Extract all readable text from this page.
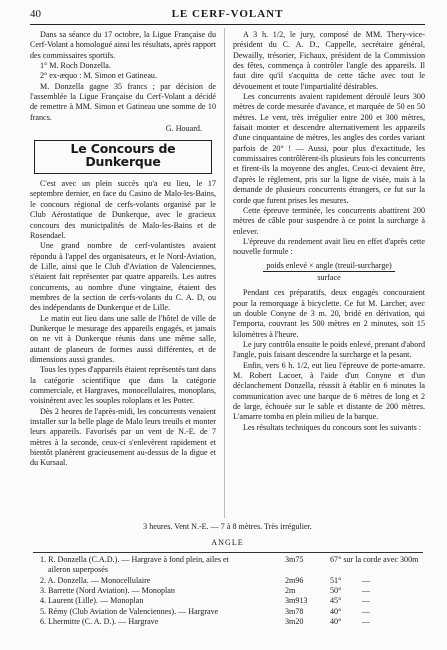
40	LE CERF-VOLANT

Dans sa séance du 17 octobre, la Ligue Française du Cerf-Volant a homologué ainsi les résultats, après rapport des commissaires sportifs.

1° M. Roch Donzella.

2° ex-æquo : M. Simon et Gatineau.

M. Donzella gagne 35 francs ; par décision de l'assemblée la Ligue Française du Cerf-Volant a décidé de remettre à MM. Simon et Gatineau une somme de 10 francs.

G. Houard.
Le Concours de Dunkerque

C'est avec un plein succès qu'a eu lieu, le 17 septembre dernier, en face du Casino de Malo-les-Bains, le concours régional de cerfs-volants organisé par le Club Aérostatique de Dunkerque, avec le gracieux concours des municipalités de Malo-les-Bains et de Rosendael.

Une grand nombre de cerf-volantistes avaient répondu à l'appel des organisateurs, et le Nord-Aviation, de Lille, ainsi que le Club d'Aviation de Valenciennes, s'étaient fait représenter par quatre appareils. Les autres concurrents, au nombre d'une vingtaine, étaient des membres de la section de cerfs-volants du C. A. D, ou des indépendants de Dunkerque et de Lille.

Le matin eut lieu dans une salle de l'hôtel de ville de Dunkerque le mesurage des appareils engagés, et jamais on ne vit à Dunkerque réunis dans une même salle, autant de planeurs de formes aussi différentes, et de dimensions aussi grandes.

Tous les types d'appareils étaient représentés tant dans la catégorie scientifique que dans la catégorie commerciale, et Hargraves, monocellulaires, monoplans, voisinèrent avec les souples roloplans et les Potter.

Dès 2 heures de l'après-midi, les concurrents venaient installer sur la belle plage de Malo leurs treuils et monter leurs appareils. Favorisés par un vent de N.-E. de 7 mètres à la seconde, ceux-ci s'enlevèrent rapidement et bientôt planèrent gracieusement au-dessus de la digue et du Kursaal.

A 3 h. 1/2, le jury, composé de MM. Thery-vice-président du C. A. D., Cappelle, secrétaire général, Dewailly, trésorier, Fichaux, président de la Commission des fêtes, commença à contrôler l'angle des appareils. Il faut dire qu'il s'acquitta de cette tâche avec tout le dévouement et toute l'impartialité désirables.

Les concurrents avaient rapidement déroulé leurs 300 mètres de corde mesurée d'avance, et marquée de 50 en 50 mètres. Le vent, très irrégulier entre 200 et 300 mètres, faisait monter et descendre alternativement les appareils d'une cinquantaine de mètres, les angles des cordes variant parfois de 20° ! — Aussi, pour plus d'exactitude, les commissaires contrôlèrent-ils plusieurs fois les concurrents et firent-ils la moyenne des angles. Ceux-ci devaient être, d'après le règlement, pris sur la ligne de visée, mais à la demande de plusieurs concurrents étrangers, ce fut sur la corde que furent prises les mesures.

Cette épreuve terminée, les concurrents abattirent 200 mètres de câble pour suspendre à ce point la surcharge à enlever.

L'épreuve du rendement avait lieu en effet d'après cette nouvelle formule :

poids enlevé × angle (treuil-surcharge)
surface

Pendant ces préparatifs, deux engagés concouraient pour la remorquage à bicyclette. Ce fut M. Larcher, avec un double Conyne de 3 m. 20, bridé en dérivation, qui l'emporta, couvrant les 500 mètres en 2 minutes, soit 15 kilomètres à l'heure.

Le jury contrôla ensuite le poids enlevé, prenant d'abord l'angle, puis faisant descendre la surcharge et la pesant.

Enfin, vers 6 h. 1/2, eut lieu l'épreuve de porte-amarre. M. Robert Lacoer, à l'aide d'un Conyne et d'un déclanchement Donzella, réussit à établir en 6 minutes la communication avec une barque de 6 mètres de long et 2 de large, échouée sur le sable et distante de 200 mètres. L'amarre tomba en plein milieu de la barque.

Les résultats techniques du concours sont les suivants :

3 heures. Vent N.-E. — 7 à 8 mètres. Très irrégulier.
ANGLE
1. R. Donzella (C.A.D.). — Hargrave à fond plein, ailes et	3m75	67° sur la corde avec 300m
aileron superposés
2. A. Donzella. — Monocellulaire	2m96	51°	—
3. Barrette (Nord Aviation). — Monoplan	2m	50°	—
4. Laurent (Lille). — Monoplan	3m913	45°	—
5. Rémy (Club Aviation de Valenciennes). — Hargrave	3m78	40°	—
6. Lhermitte (C. A. D.). — Hargrave	3m20	40°	—
